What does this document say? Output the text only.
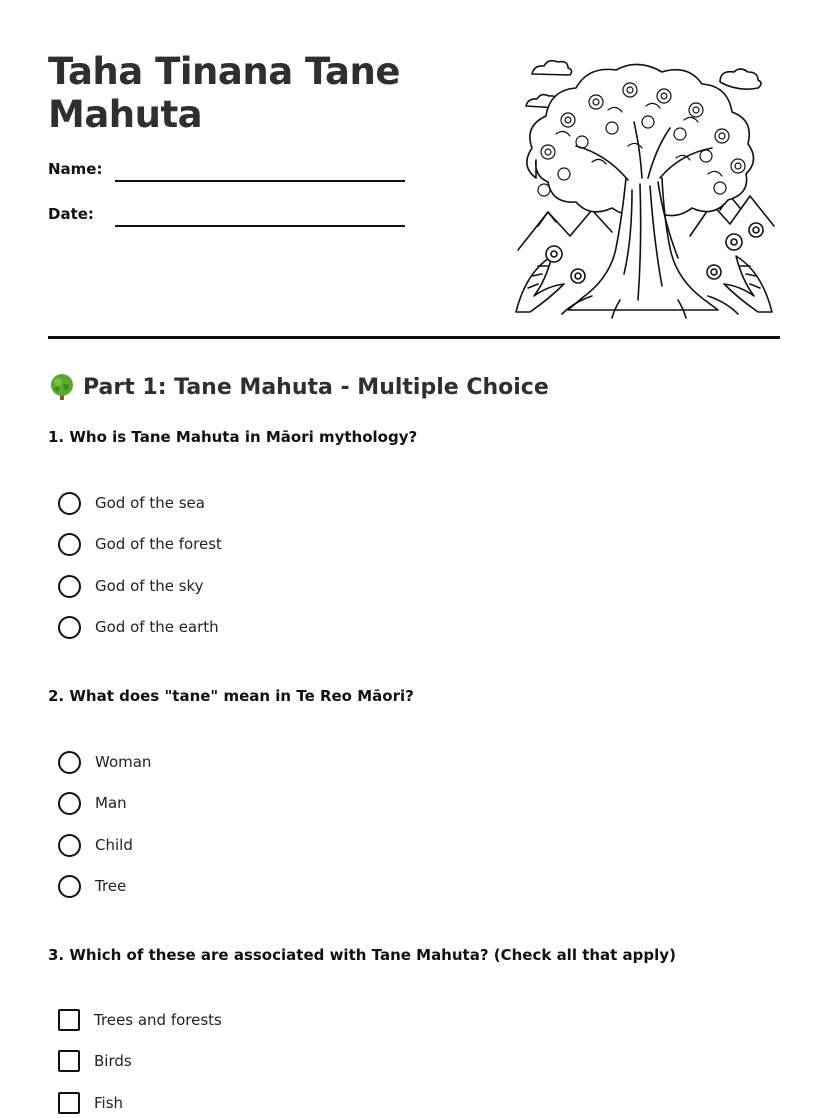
Taha Tinana Tane Mahuta
Name:
Date:
Part 1: Tane Mahuta - Multiple Choice
1. Who is Tane Mahuta in Māori mythology?
God of the sea
God of the forest
God of the sky
God of the earth
2. What does "tane" mean in Te Reo Māori?
Woman
Man
Child
Tree
3. Which of these are associated with Tane Mahuta? (Check all that apply)
Trees and forests
Birds
Fish
